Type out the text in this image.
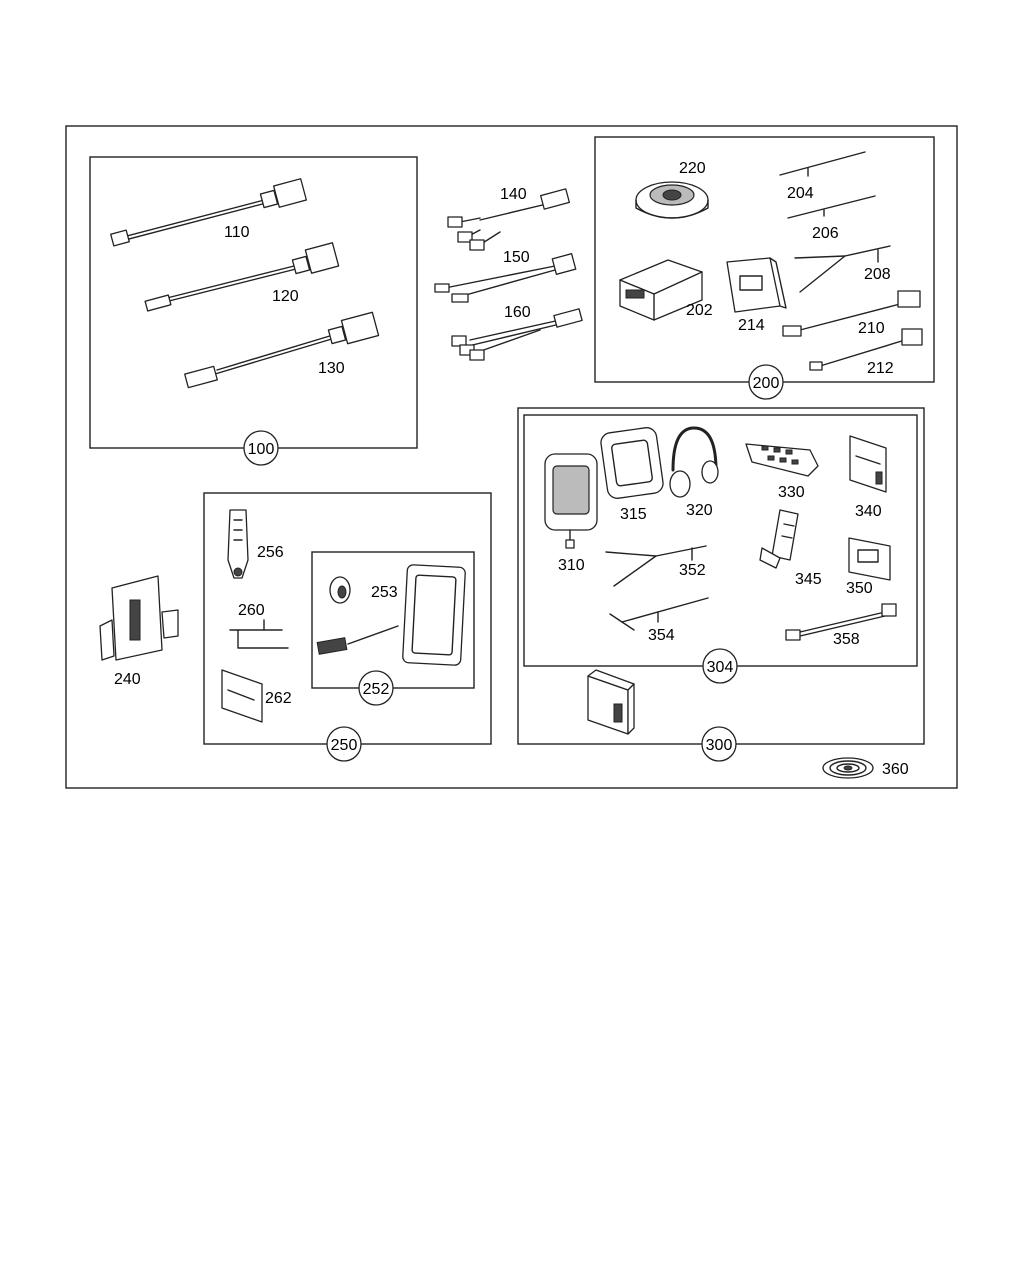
100
110
120
130
140
150
160
200
220
204
206
208
202
214	210
212
250
256
260
262
252
253
240
300
304
310
315 320
330
340
345
350
352
354	358
360
